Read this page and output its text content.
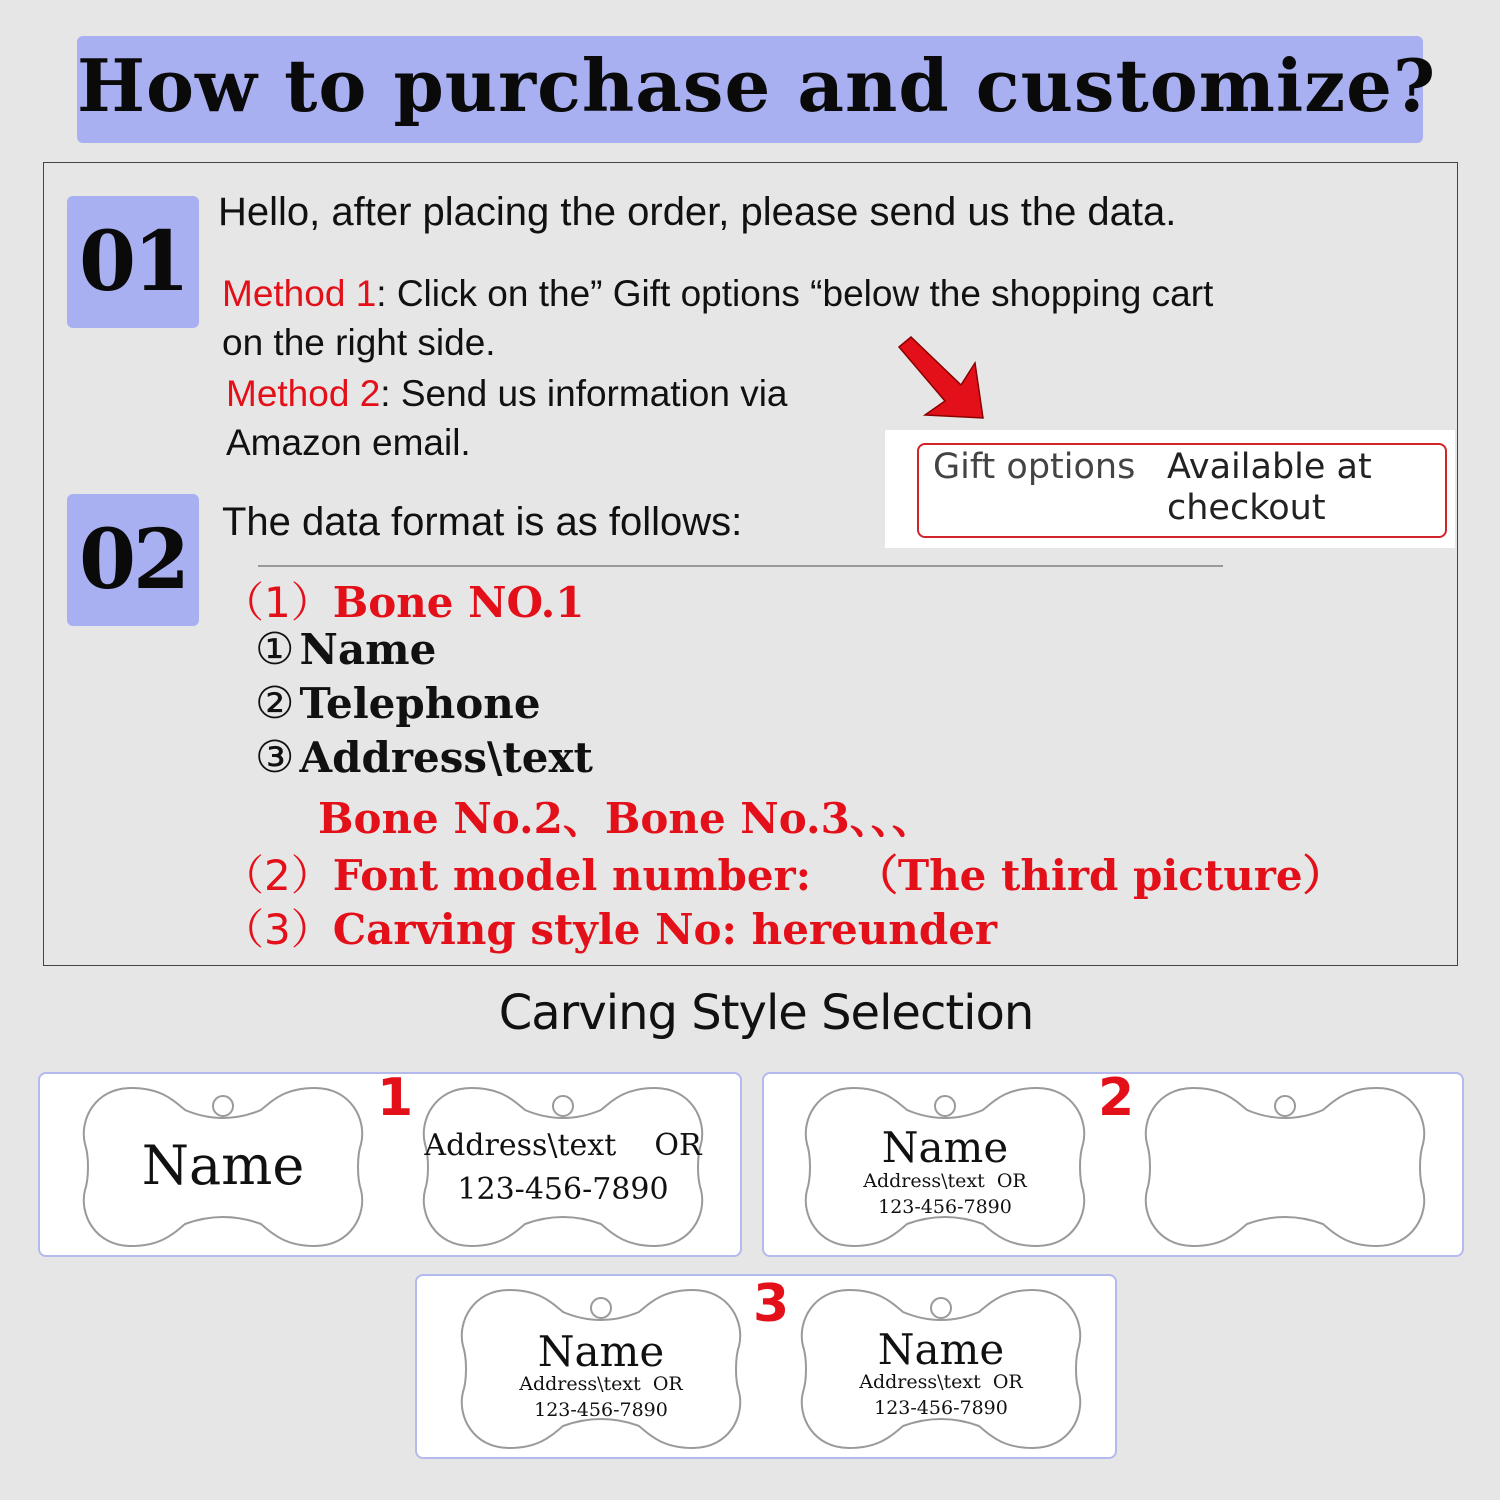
How to purchase and customize?
01
Hello, after placing the order, please send us the data.
Method 1: Click on the” Gift options “below the shopping cart
on the right side.
Method 2: Send us information via
Amazon email.
Gift options Available at checkout
02 The data format is as follows:
（1）Bone NO.1
① Name
② Telephone
③ Address\text
Bone No.2、Bone No.3、、、
（2）Font model number: （The third picture）
（3）Carving style No: hereunder
Carving Style Selection
Name
1
Address\text    OR
123-456-7890
Name
Address\text  OR
123-456-7890
2
Name
Address\text  OR
123-456-7890
3
Name
Address\text  OR
123-456-7890
